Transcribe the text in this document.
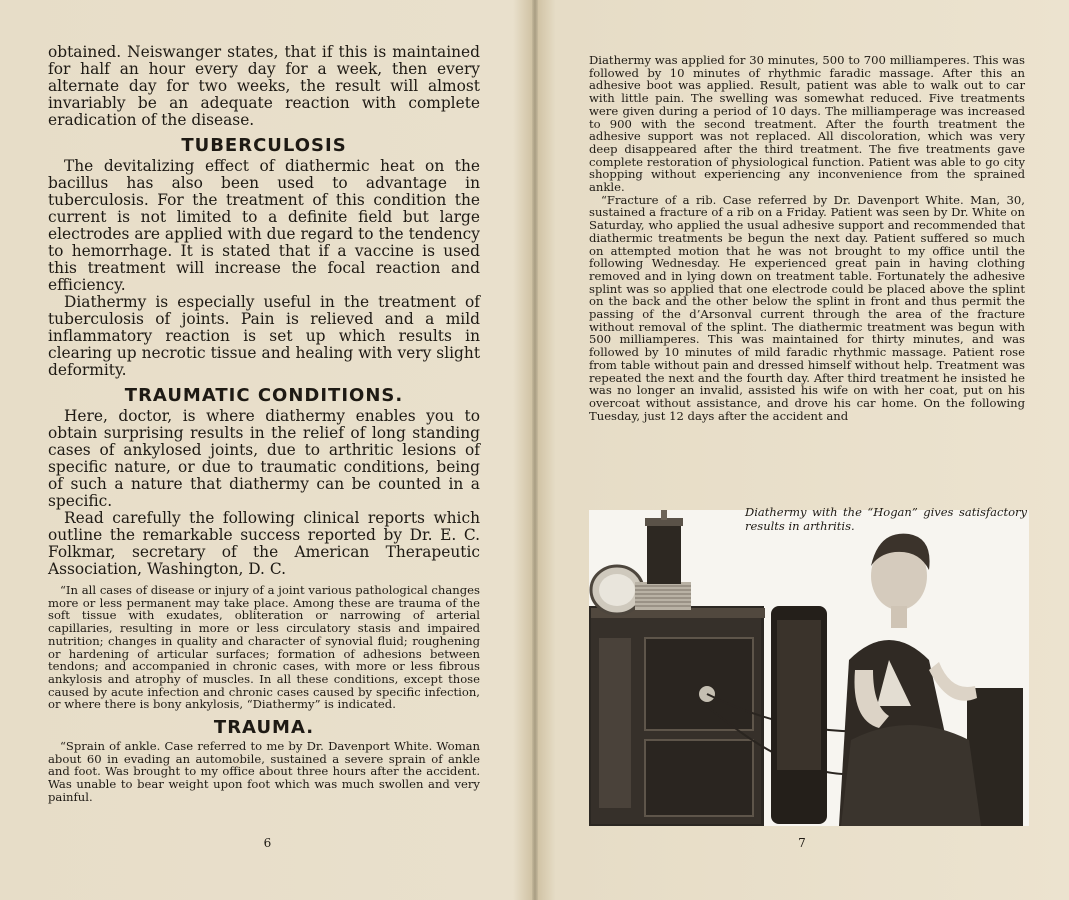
obtained. Neiswanger states, that if this is maintained for half an hour every day for a week, then every alternate day for two weeks, the result will almost invariably be an adequate reaction with complete eradication of the disease.

TUBERCULOSIS

The devitalizing effect of diathermic heat on the bacillus has also been used to advantage in tuberculosis. For the treatment of this condition the current is not limited to a definite field but large electrodes are applied with due regard to the tendency to hemorrhage. It is stated that if a vaccine is used this treatment will increase the focal reaction and efficiency.

Diathermy is especially useful in the treatment of tuberculosis of joints. Pain is relieved and a mild inflammatory reaction is set up which results in clearing up necrotic tissue and healing with very slight deformity.

TRAUMATIC CONDITIONS.

Here, doctor, is where diathermy enables you to obtain surprising results in the relief of long standing cases of ankylosed joints, due to arthritic lesions of specific nature, or due to traumatic conditions, being of such a nature that diathermy can be counted in a specific.

Read carefully the following clinical reports which outline the remarkable success reported by Dr. E. C. Folkmar, secretary of the American Therapeutic Association, Washington, D. C.

“In all cases of disease or injury of a joint various pathological changes more or less permanent may take place. Among these are trauma of the soft tissue with exudates, obliteration or narrowing of arterial capillaries, resulting in more or less circulatory stasis and impaired nutrition; changes in quality and character of synovial fluid; roughening or hardening of articular surfaces; formation of adhesions between tendons; and accompanied in chronic cases, with more or less fibrous ankylosis and atrophy of muscles. In all these conditions, except those caused by acute infection and chronic cases caused by specific infection, or where there is bony ankylosis, “Diathermy” is indicated.

TRAUMA.

“Sprain of ankle. Case referred to me by Dr. Davenport White. Woman about 60 in evading an automobile, sustained a severe sprain of ankle and foot. Was brought to my office about three hours after the accident. Was unable to bear weight upon foot which was much swollen and very painful.

6

Diathermy was applied for 30 minutes, 500 to 700 milliamperes. This was followed by 10 minutes of rhythmic faradic massage. After this an adhesive boot was applied. Result, patient was able to walk out to car with little pain. The swelling was somewhat reduced. Five treatments were given during a period of 10 days. The milliamperage was increased to 900 with the second treatment. After the fourth treatment the adhesive support was not replaced. All discoloration, which was very deep disappeared after the third treatment. The five treatments gave complete restoration of physiological function. Patient was able to go city shopping without experiencing any inconvenience from the sprained ankle.

“Fracture of a rib. Case referred by Dr. Davenport White. Man, 30, sustained a fracture of a rib on a Friday. Patient was seen by Dr. White on Saturday, who applied the usual adhesive support and recommended that diathermic treatments be begun the next day. Patient suffered so much on attempted motion that he was not brought to my office until the following Wednesday. He experienced great pain in having clothing removed and in lying down on treatment table. Fortunately the adhesive splint was so applied that one electrode could be placed above the splint on the back and the other below the splint in front and thus permit the passing of the d’Arsonval current through the area of the fracture without removal of the splint. The diathermic treatment was begun with 500 milliamperes. This was maintained for thirty minutes, and was followed by 10 minutes of mild faradic rhythmic massage. Patient rose from table without pain and dressed himself without help. Treatment was repeated the next and the fourth day. After third treatment he insisted he was no longer an invalid, assisted his wife on with her coat, put on his overcoat without assistance, and drove his car home. On the following Tuesday, just 12 days after the accident and

Diathermy with the “Hogan” gives satisfactory results in arthritis.
7
